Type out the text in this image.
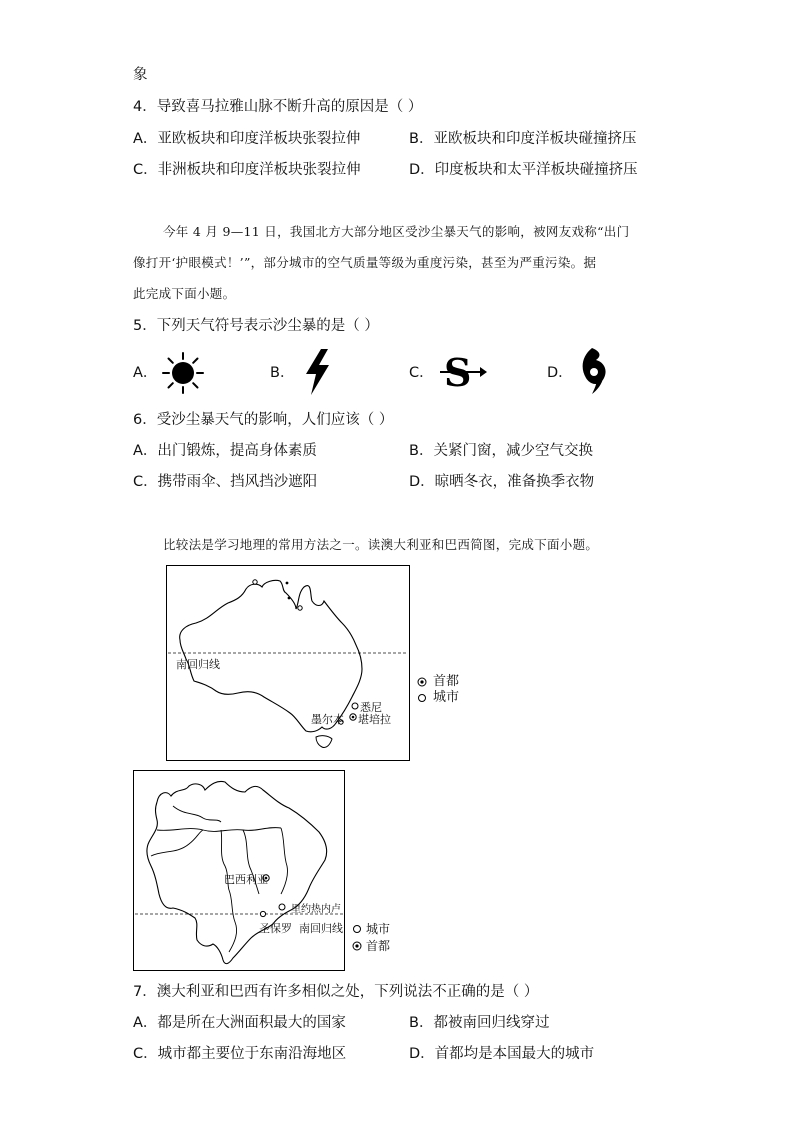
象
4．导致喜马拉雅山脉不断升高的原因是（ ）
A．亚欧板块和印度洋板块张裂拉伸	B．亚欧板块和印度洋板块碰撞挤压
C．非洲板块和印度洋板块张裂拉伸	D．印度板块和太平洋板块碰撞挤压
今年 4 月 9—11 日，我国北方大部分地区受沙尘暴天气的影响，被网友戏称“出门
像打开‘护眼模式！’”，部分城市的空气质量等级为重度污染，甚至为严重污染。据
此完成下面小题。
5．下列天气符号表示沙尘暴的是（ ）
A．	B．	C．	D．
S
6．受沙尘暴天气的影响，人们应该（ ）
A．出门锻炼，提高身体素质	B．关紧门窗，减少空气交换
C．携带雨伞、挡风挡沙遮阳	D．晾晒冬衣，准备换季衣物
比较法是学习地理的常用方法之一。读澳大利亚和巴西简图，完成下面小题。
南回归线
墨尔本
悉尼
堪培拉
首都
城市
巴西利亚
里约热内卢
圣保罗 南回归线 城市
首都
7．澳大利亚和巴西有许多相似之处，下列说法不正确的是（ ）
A．都是所在大洲面积最大的国家	B．都被南回归线穿过
C．城市都主要位于东南沿海地区	D．首都均是本国最大的城市
